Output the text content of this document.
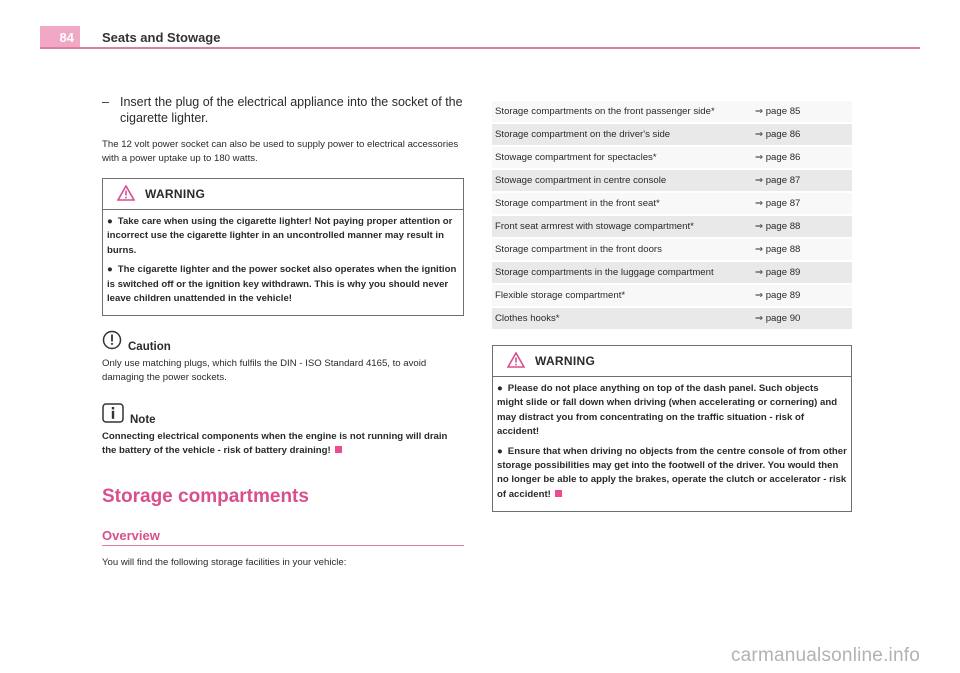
84	Seats and Stowage
– Insert the plug of the electrical appliance into the socket of the cigarette lighter.

The 12 volt power socket can also be used to supply power to electrical accessories with a power uptake up to 180 watts.

WARNING
● Take care when using the cigarette lighter! Not paying proper attention or incorrect use the cigarette lighter in an uncontrolled manner may result in burns.
● The cigarette lighter and the power socket also operates when the ignition is switched off or the ignition key withdrawn. This is why you should never leave children unattended in the vehicle!
Caution
Only use matching plugs, which fulfils the DIN - ISO Standard 4165, to avoid damaging the power sockets.
Note
Connecting electrical components when the engine is not running will drain the battery of the vehicle - risk of battery draining!
Storage compartments
Overview

You will find the following storage facilities in your vehicle:

Storage compartments on the front passenger side*	⇒ page 85
Storage compartment on the driver's side	⇒ page 86
Stowage compartment for spectacles*	⇒ page 86
Stowage compartment in centre console	⇒ page 87
Storage compartment in the front seat*	⇒ page 87
Front seat armrest with stowage compartment*	⇒ page 88
Storage compartment in the front doors	⇒ page 88
Storage compartments in the luggage compartment	⇒ page 89
Flexible storage compartment*	⇒ page 89
Clothes hooks*	⇒ page 90
WARNING
● Please do not place anything on top of the dash panel. Such objects might slide or fall down when driving (when accelerating or cornering) and may distract you from concentrating on the traffic situation - risk of accident!
● Ensure that when driving no objects from the centre console of from other storage possibilities may get into the footwell of the driver. You would then no longer be able to apply the brakes, operate the clutch or accelerator - risk of accident!
carmanualsonline.info
